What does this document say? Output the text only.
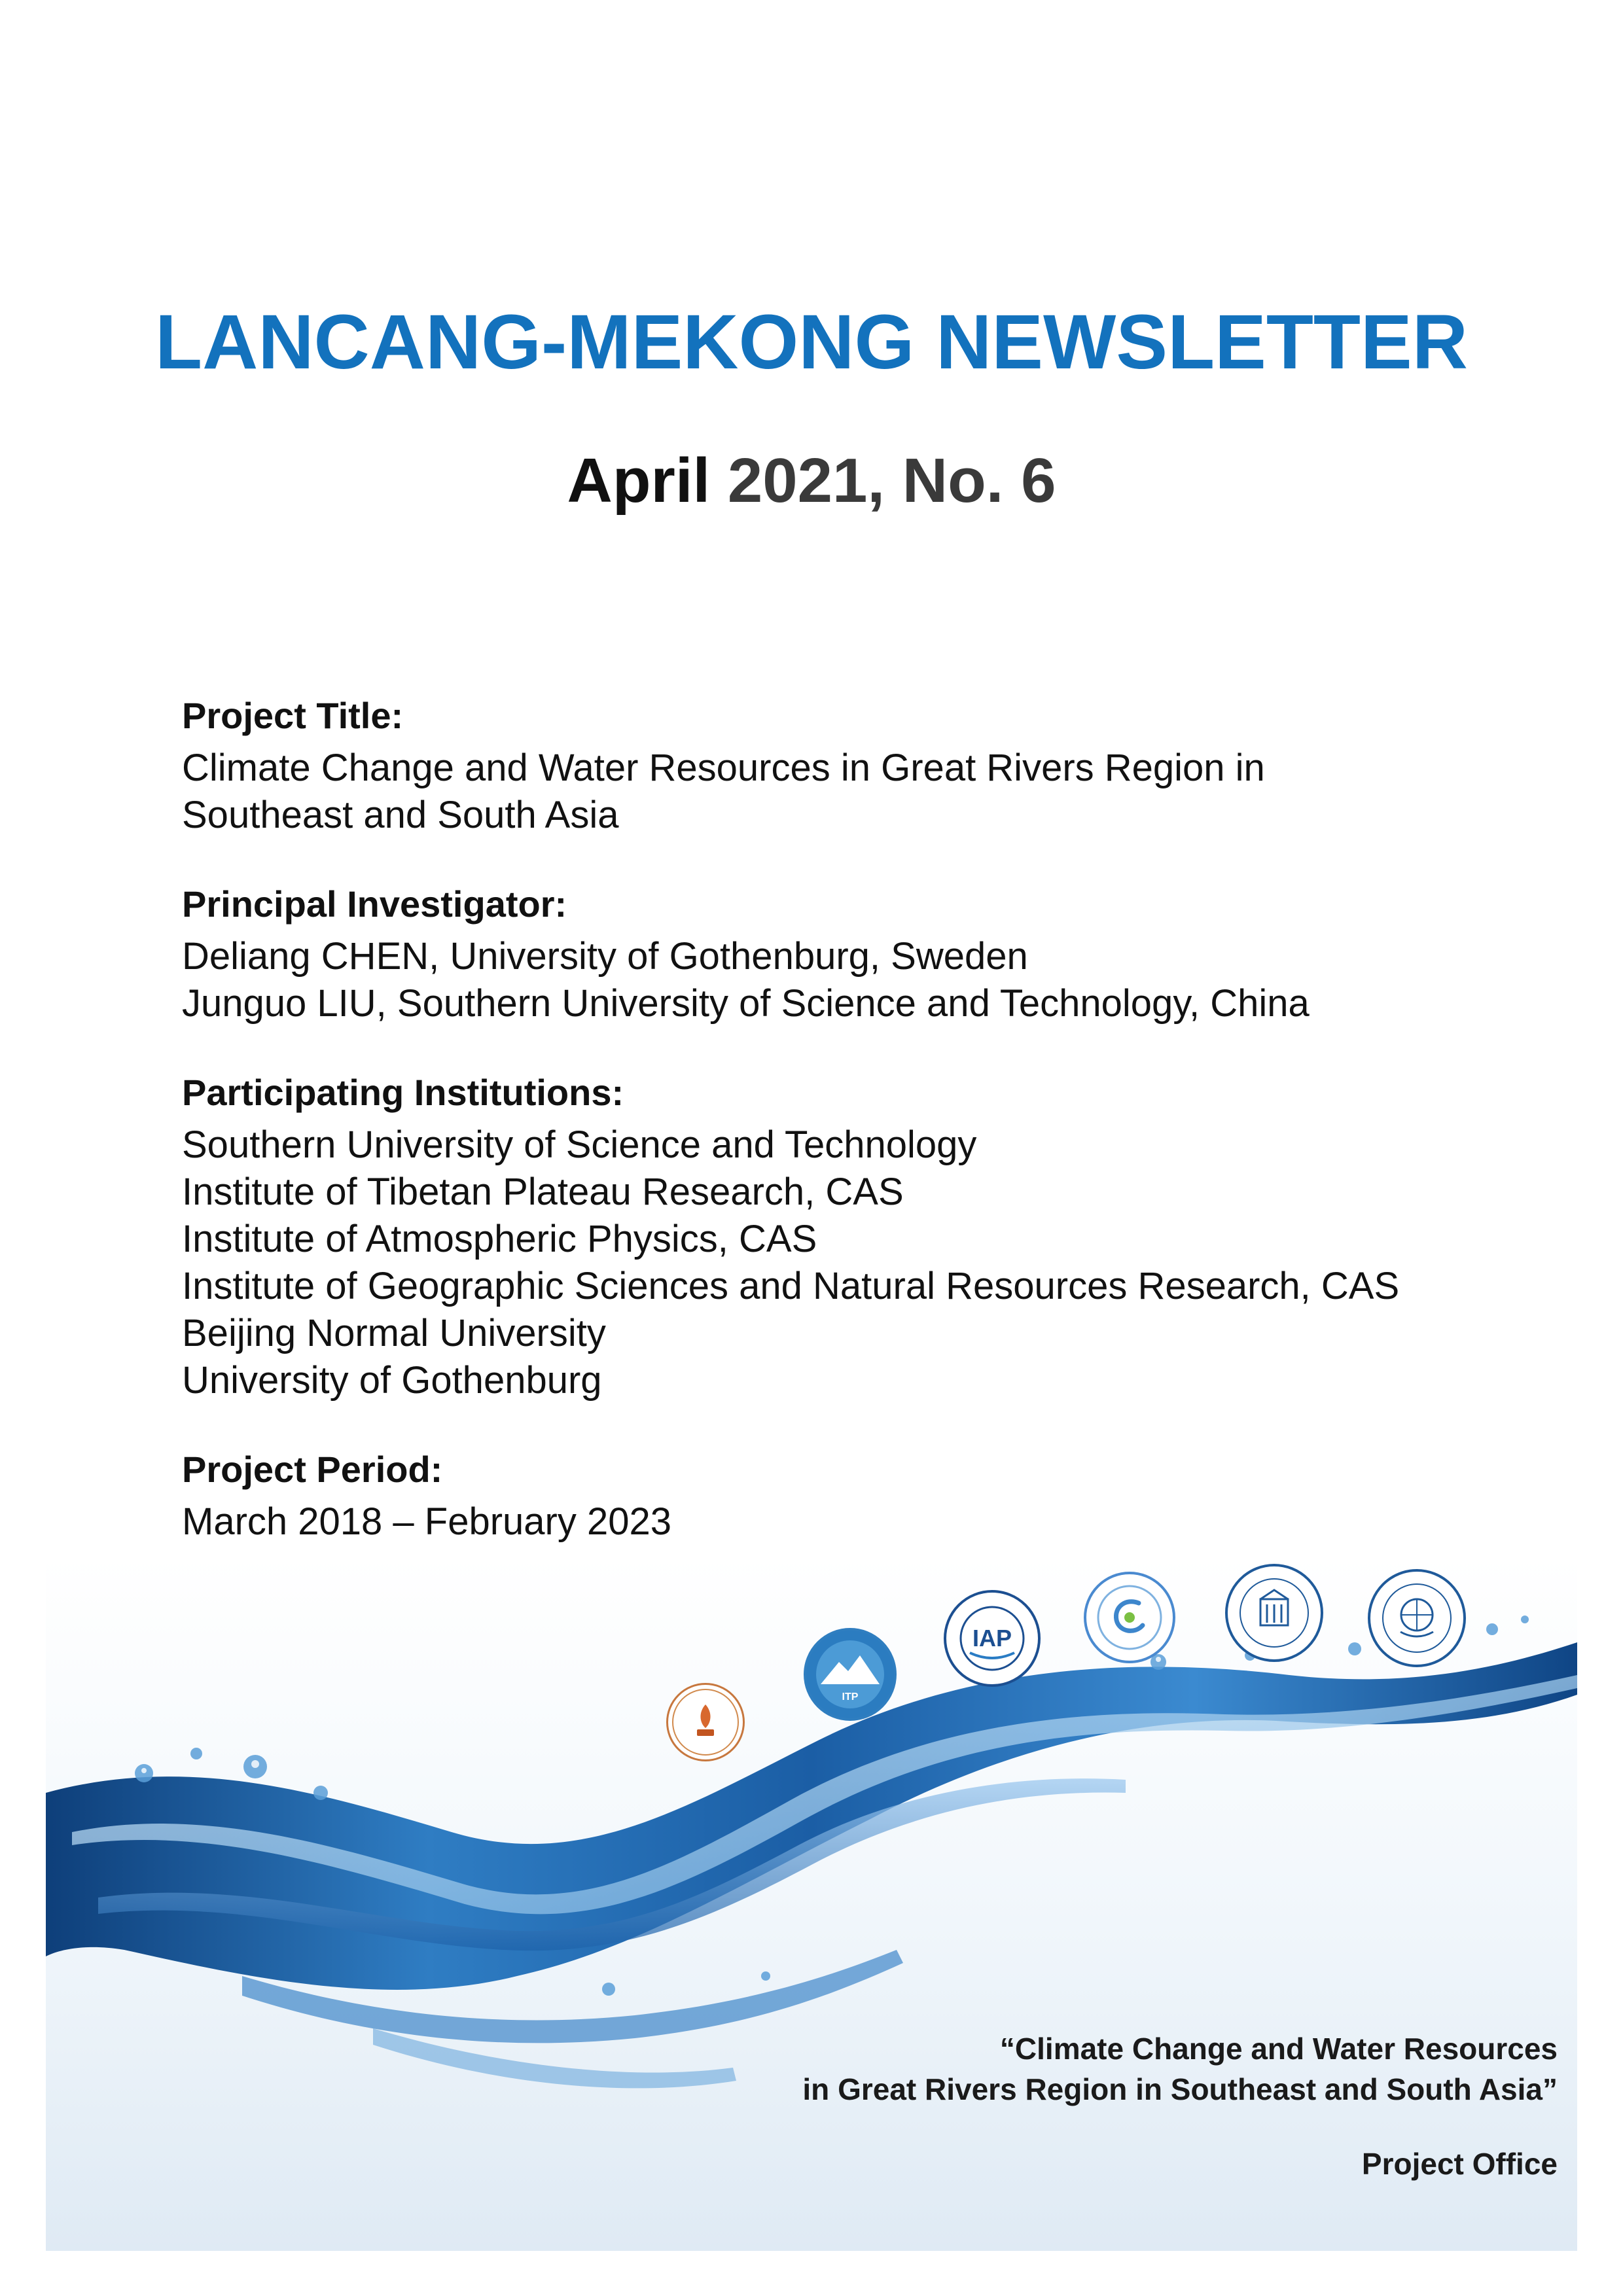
LANCANG-MEKONG NEWSLETTER
April 2021, No. 6
Project Title:
Climate Change and Water Resources in Great Rivers Region in
Southeast and South Asia
Principal Investigator:
Deliang CHEN, University of Gothenburg, Sweden
Junguo LIU, Southern University of Science and Technology, China
Participating Institutions:
Southern University of Science and Technology
Institute of Tibetan Plateau Research, CAS
Institute of Atmospheric Physics, CAS
Institute of Geographic Sciences and Natural Resources Research, CAS
Beijing Normal University
University of Gothenburg
Project Period:
March 2018 – February 2023
ITP
IAP
“Climate Change and Water Resources
in Great Rivers Region in Southeast and South Asia”
Project Office
